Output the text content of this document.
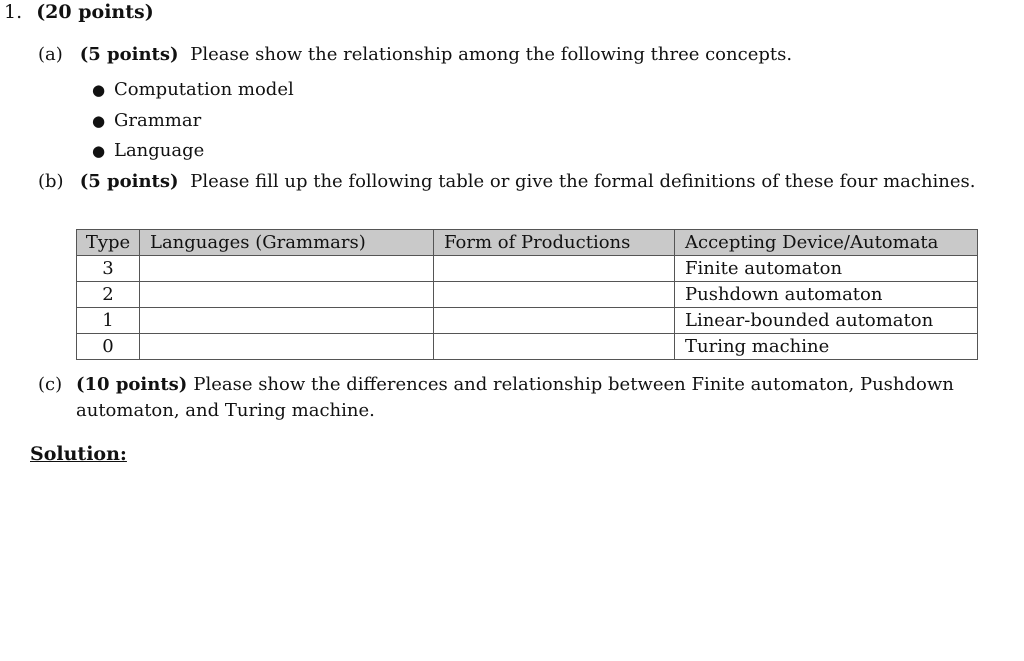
1. (20 points)
(a) (5 points) Please show the relationship among the following three concepts.
● Computation model
● Grammar
● Language
(b) (5 points) Please fill up the following table or give the formal definitions of these four machines.
Type	Languages (Grammars)	Form of Productions	Accepting Device/Automata
3			Finite automaton
2			Pushdown automaton
1			Linear-bounded automaton
0			Turing machine
(c) (10 points) Please show the differences and relationship between Finite automaton, Pushdown automaton, and Turing machine.
Solution:
